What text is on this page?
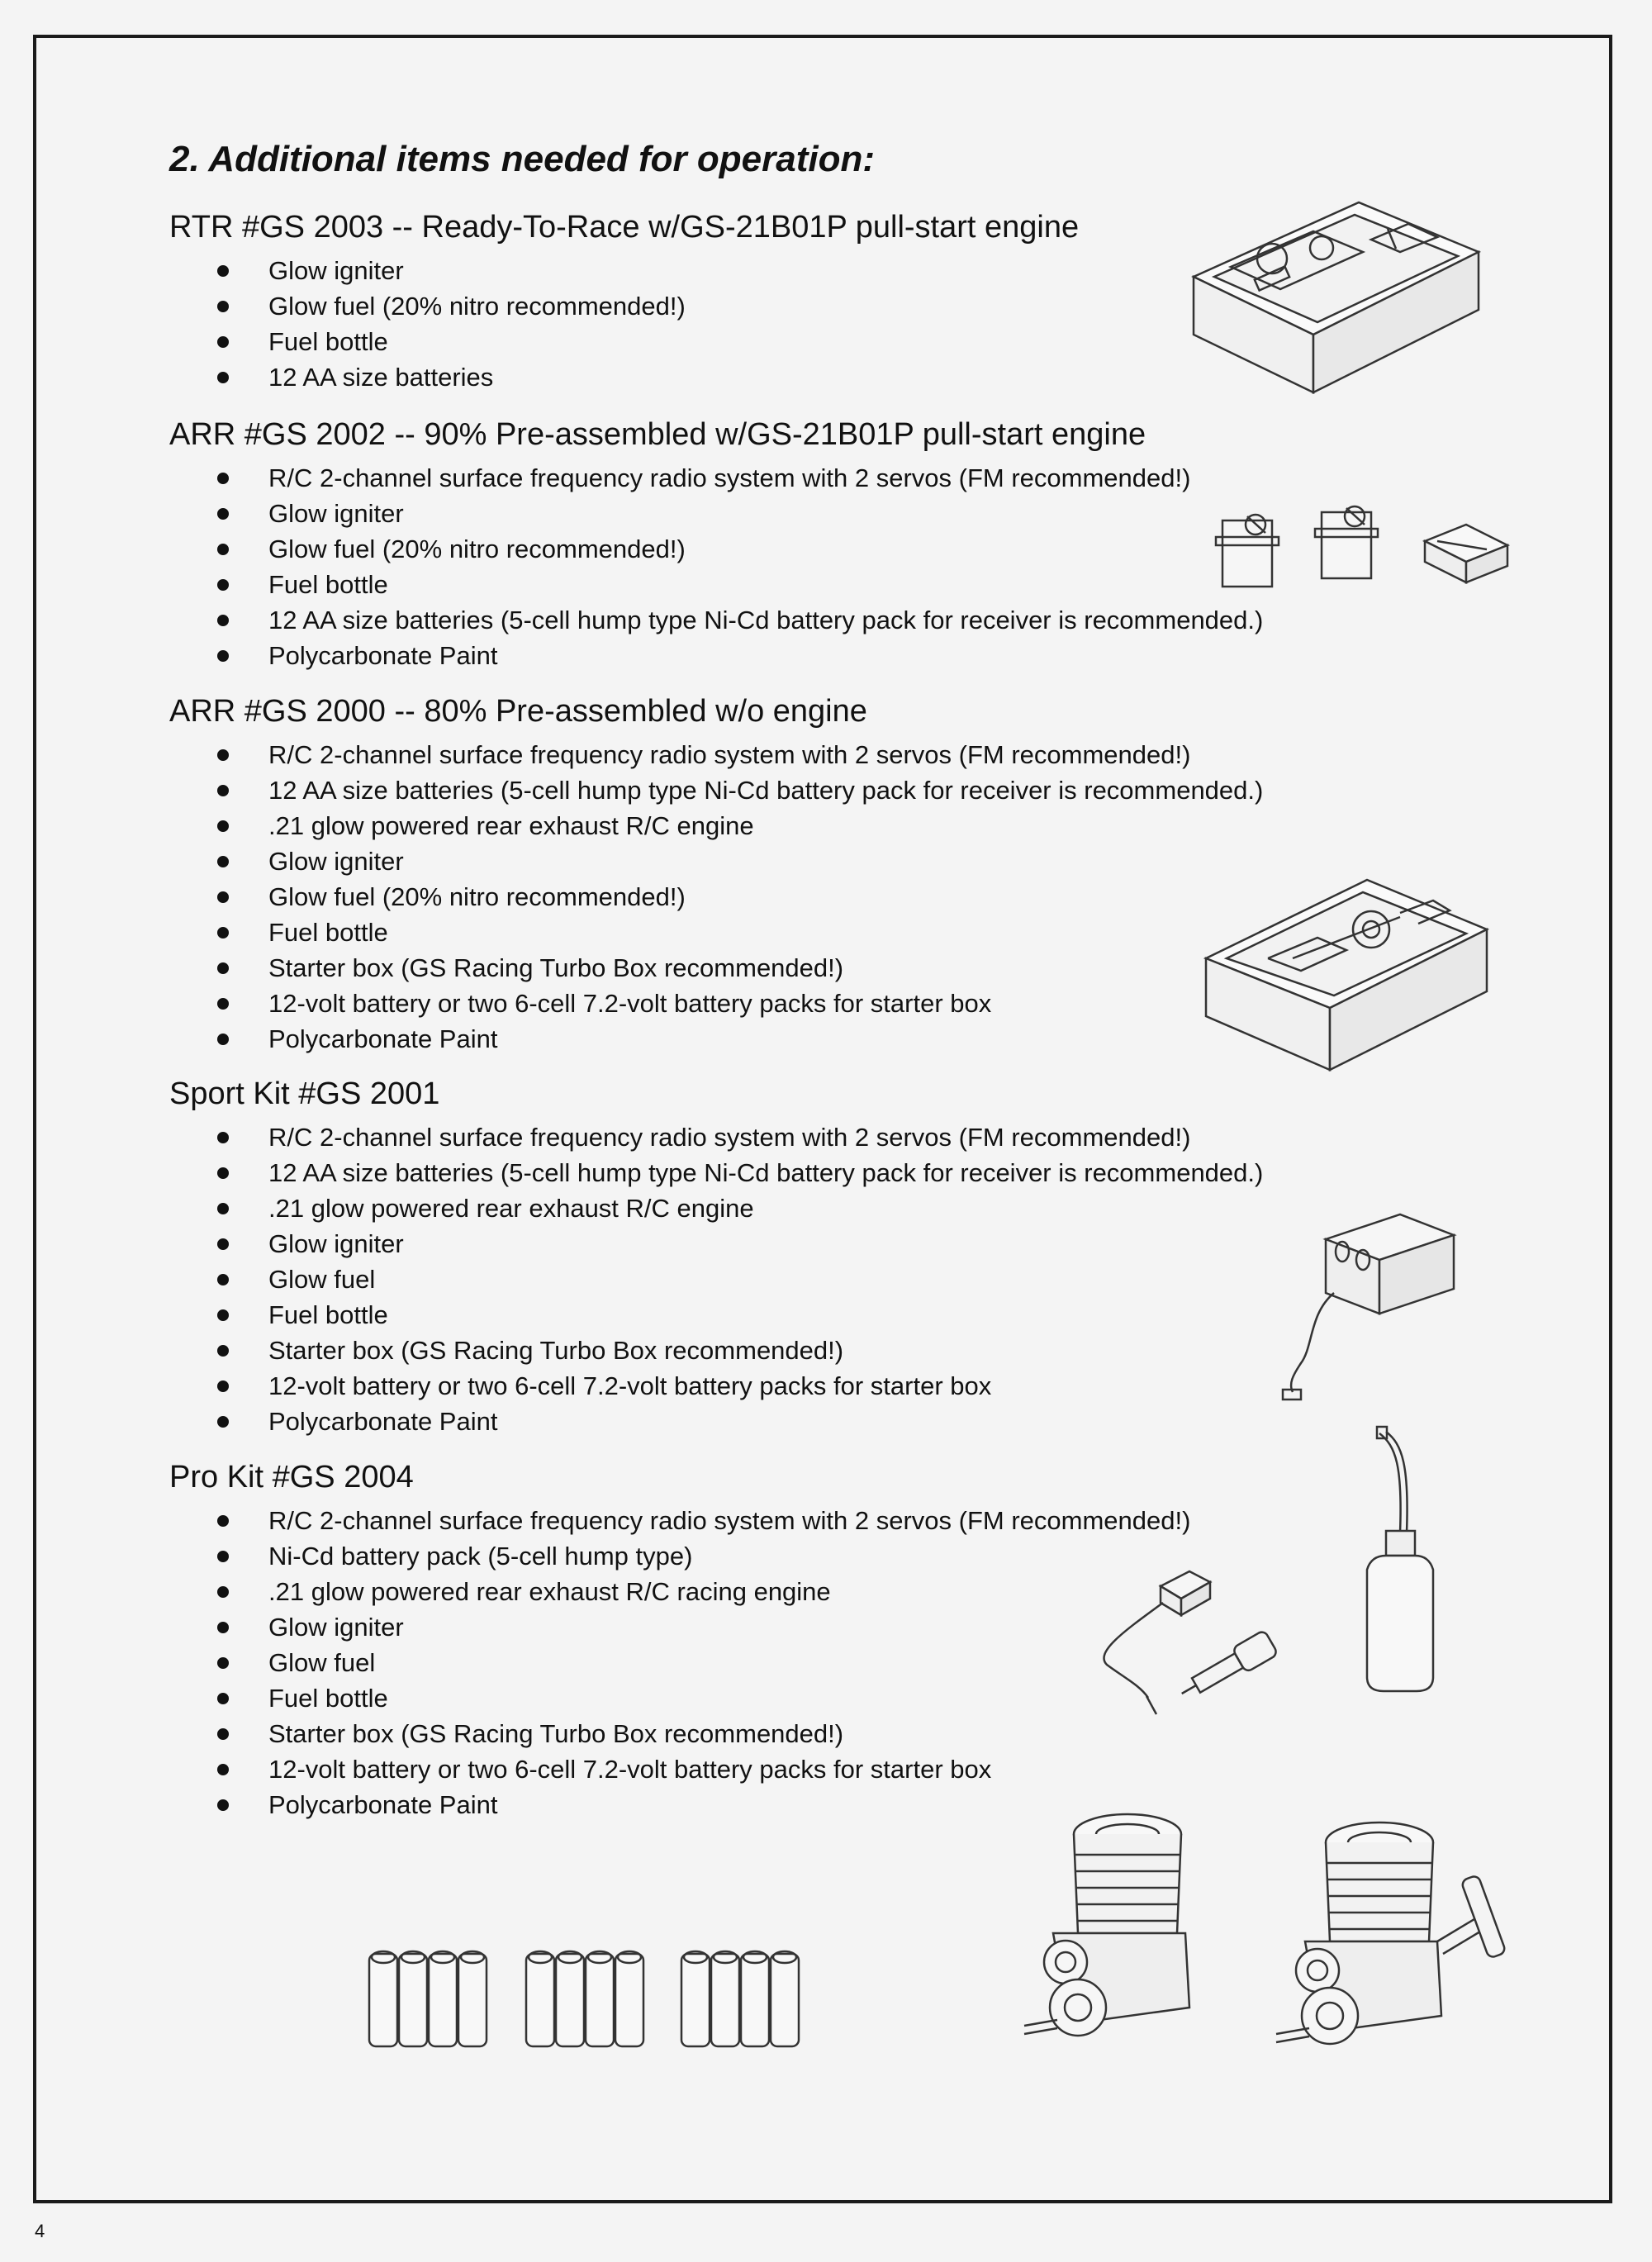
2. Additional items needed for operation:
RTR #GS 2003 -- Ready-To-Race w/GS-21B01P pull-start engine
Glow igniter
Glow fuel (20% nitro recommended!)
Fuel bottle
12 AA size batteries
ARR #GS 2002 -- 90% Pre-assembled w/GS-21B01P pull-start engine
R/C 2-channel surface frequency radio system with 2 servos (FM recommended!)
Glow igniter
Glow fuel (20% nitro recommended!)
Fuel bottle
12 AA size batteries (5-cell hump type Ni-Cd battery pack for receiver is recommended.)
Polycarbonate Paint
ARR #GS 2000 -- 80% Pre-assembled w/o engine
R/C 2-channel surface frequency radio system with 2 servos (FM recommended!)
12 AA size batteries (5-cell hump type Ni-Cd battery pack for receiver is recommended.)
.21 glow powered rear exhaust R/C engine
Glow igniter
Glow fuel (20% nitro recommended!)
Fuel bottle
Starter box (GS Racing Turbo Box recommended!)
12-volt battery or two 6-cell 7.2-volt battery packs for starter box
Polycarbonate Paint
Sport Kit #GS 2001
R/C 2-channel surface frequency radio system with 2 servos (FM recommended!)
12 AA size batteries (5-cell hump type Ni-Cd battery pack for receiver is recommended.)
.21 glow powered rear exhaust R/C engine
Glow igniter
Glow fuel
Fuel bottle
Starter box (GS Racing Turbo Box recommended!)
12-volt battery or two 6-cell 7.2-volt battery packs for starter box
Polycarbonate Paint
Pro Kit #GS 2004
R/C 2-channel surface frequency radio system with 2 servos (FM recommended!)
Ni-Cd battery pack (5-cell hump type)
.21 glow powered rear exhaust R/C racing engine
Glow igniter
Glow fuel
Fuel bottle
Starter box (GS Racing Turbo Box recommended!)
12-volt battery or two 6-cell 7.2-volt battery packs for starter box
Polycarbonate Paint
4
